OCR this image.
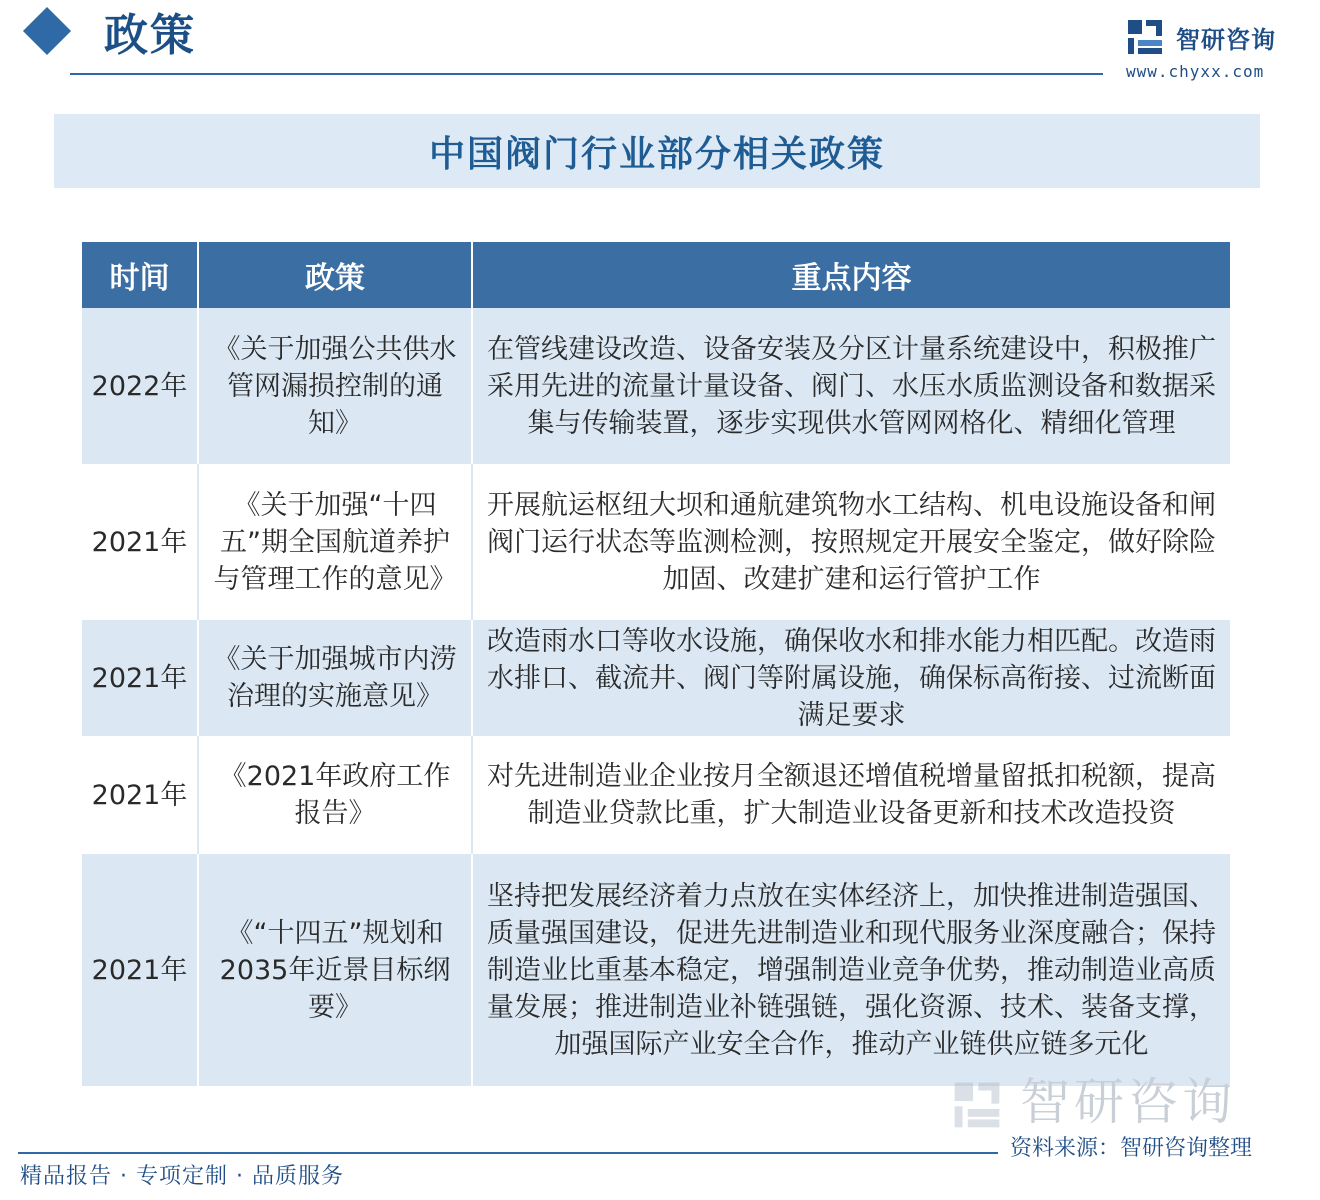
政策	智研咨询
www.chyxx.com
中国阀门行业部分相关政策
时间	政策	重点内容
2022年	《关于加强公共供水管网漏损控制的通知》	在管线建设改造、设备安装及分区计量系统建设中，积极推广采用先进的流量计量设备、阀门、水压水质监测设备和数据采集与传输装置，逐步实现供水管网网格化、精细化管理
2021年	《关于加强“十四五”期全国航道养护与管理工作的意见》	开展航运枢纽大坝和通航建筑物水工结构、机电设施设备和闸阀门运行状态等监测检测，按照规定开展安全鉴定，做好除险加固、改建扩建和运行管护工作
2021年	《关于加强城市内涝治理的实施意见》	改造雨水口等收水设施，确保收水和排水能力相匹配。改造雨水排口、截流井、阀门等附属设施，确保标高衔接、过流断面满足要求
2021年	《2021年政府工作报告》	对先进制造业企业按月全额退还增值税增量留抵扣税额，提高制造业贷款比重，扩大制造业设备更新和技术改造投资
2021年	《“十四五”规划和2035年近景目标纲要》	坚持把发展经济着力点放在实体经济上，加快推进制造强国、质量强国建设，促进先进制造业和现代服务业深度融合；保持制造业比重基本稳定，增强制造业竞争优势，推动制造业高质量发展；推进制造业补链强链，强化资源、技术、装备支撑，加强国际产业安全合作，推动产业链供应链多元化
智研咨询
资料来源：智研咨询整理
精品报告 · 专项定制 · 品质服务
